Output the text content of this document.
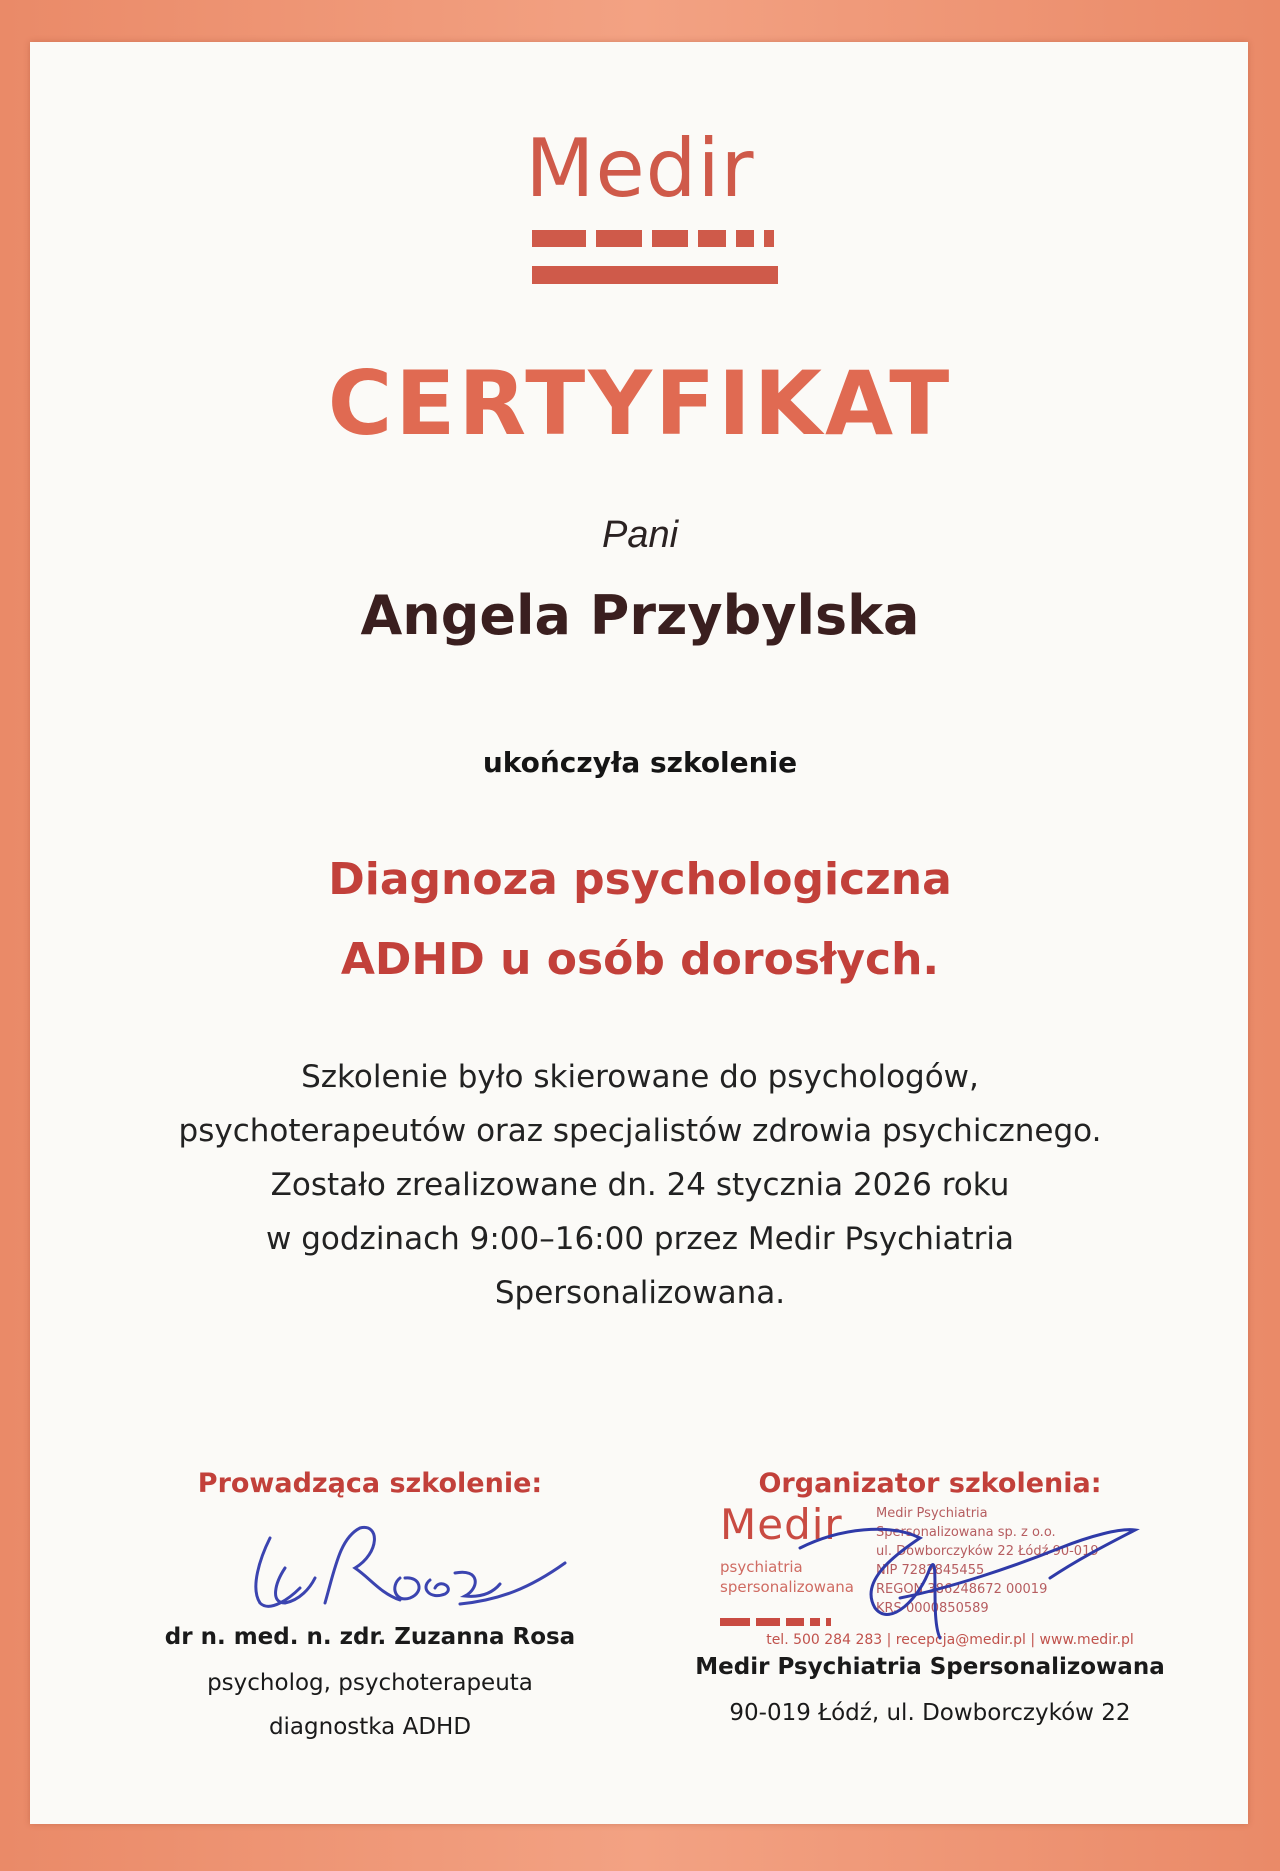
Medir
CERTYFIKAT
Pani
Angela Przybylska
ukończyła szkolenie
Diagnoza psychologiczna
ADHD u osób dorosłych.
Szkolenie było skierowane do psychologów,
psychoterapeutów oraz specjalistów zdrowia psychicznego.
Zostało zrealizowane dn. 24 stycznia 2026 roku
w godzinach 9:00–16:00 przez Medir Psychiatria
Spersonalizowana.
Prowadząca szkolenie:
dr n. med. n. zdr. Zuzanna Rosa
psycholog, psychoterapeuta
diagnostka ADHD
Organizator szkolenia:
Medir
psychiatria
spersonalizowana
Medir Psychiatria
Spersonalizowana sp. z o.o.
ul. Dowborczyków 22 Łódź 90-019
NIP 7282845455
REGON 386248672 00019
KRS 0000850589
tel. 500 284 283 | recepcja@medir.pl | www.medir.pl
Medir Psychiatria Spersonalizowana
90-019 Łódź, ul. Dowborczyków 22
